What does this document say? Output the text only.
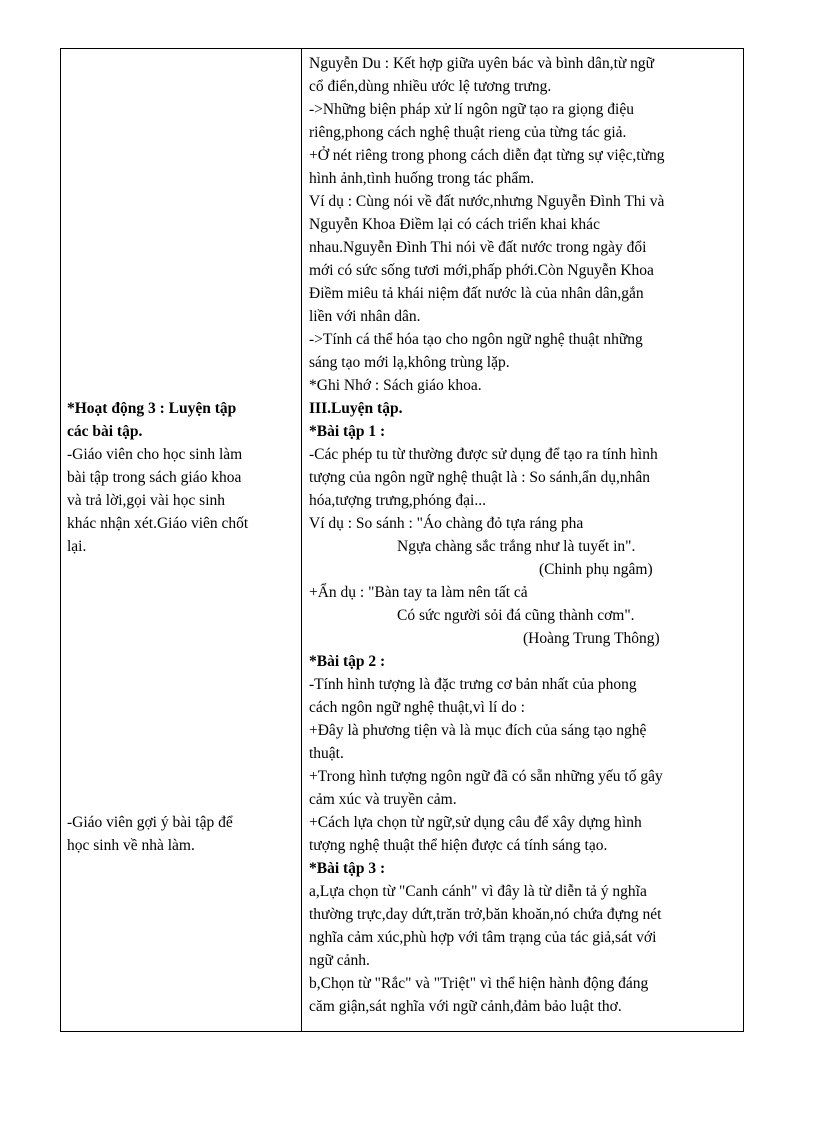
*Hoạt động 3 : Luyện tập
các bài tập.
-Giáo viên cho học sinh làm
bài tập trong sách giáo khoa
và trả lời,gọi vài học sinh
khác nhận xét.Giáo viên chốt
lại.
-Giáo viên gợi ý bài tập để
học sinh về nhà làm.
Nguyễn Du : Kết hợp giữa uyên bác và bình dân,từ ngữ
cổ điển,dùng nhiều ước lệ tương trưng.
->Những biện pháp xử lí ngôn ngữ tạo ra giọng điệu
riêng,phong cách nghệ thuật rieng của từng tác giả.
+Ở nét riêng trong phong cách diễn đạt từng sự việc,từng
hình ảnh,tình huống trong tác phẩm.
Ví dụ : Cùng nói về đất nước,nhưng Nguyễn Đình Thi và
Nguyễn Khoa Điềm lại có cách triển khai khác
nhau.Nguyễn Đình Thi nói về đất nước trong ngày đổi
mới có sức sống tươi mới,phấp phới.Còn Nguyễn Khoa
Điềm miêu tả khái niệm đất nước là của nhân dân,gắn
liền với nhân dân.
->Tính cá thể hóa tạo cho ngôn ngữ nghệ thuật những
sáng tạo mới lạ,không trùng lặp.
*Ghi Nhớ : Sách giáo khoa.
III.Luyện tập.
*Bài tập 1 :
-Các phép tu từ thường được sử dụng để tạo ra tính hình
tượng của ngôn ngữ nghệ thuật là : So sánh,ẩn dụ,nhân
hóa,tượng trưng,phóng đại...
Ví dụ : So sánh : "Áo chàng đỏ tựa ráng pha
Ngựa chàng sắc trắng như là tuyết in".
(Chinh phụ ngâm)
+Ẩn dụ : "Bàn tay ta làm nên tất cả
Có sức người sỏi đá cũng thành cơm".
(Hoàng Trung Thông)
*Bài tập 2 :
-Tính hình tượng là đặc trưng cơ bản nhất của phong
cách ngôn ngữ nghệ thuật,vì lí do :
+Đây là phương tiện và là mục đích của sáng tạo nghệ
thuật.
+Trong hình tượng ngôn ngữ đã có sẵn những yếu tố gây
cảm xúc và truyền cảm.
+Cách lựa chọn từ ngữ,sử dụng câu để xây dựng hình
tượng nghệ thuật thể hiện được cá tính sáng tạo.
*Bài tập 3 :
a,Lựa chọn từ "Canh cánh" vì đây là từ diễn tả ý nghĩa
thường trực,day dứt,trăn trở,băn khoăn,nó chứa đựng nét
nghĩa cảm xúc,phù hợp với tâm trạng của tác giả,sát với
ngữ cảnh.
b,Chọn từ "Rắc" và "Triệt" vì thể hiện hành động đáng
căm giận,sát nghĩa với ngữ cảnh,đảm bảo luật thơ.
